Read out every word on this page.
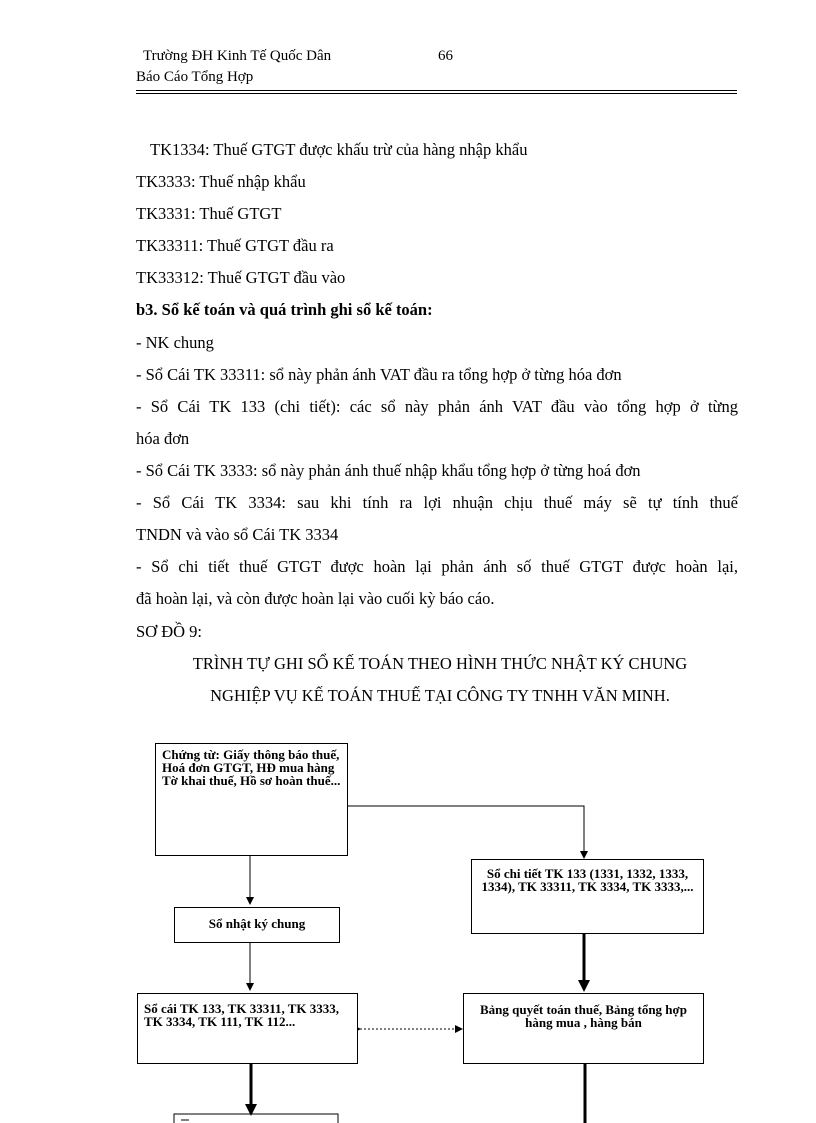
Trường ĐH Kinh Tế Quốc Dân	66
Báo Cáo Tổng Hợp
TK1334: Thuế GTGT được khấu trừ của hàng nhập khẩu
TK3333: Thuế nhập khẩu
TK3331: Thuế GTGT
TK33311: Thuế GTGT đầu ra
TK33312: Thuế GTGT đầu vào
b3. Sổ kế toán và quá trình ghi sổ kế toán:
- NK chung
- Sổ Cái TK 33311: sổ này phản ánh VAT đầu ra tổng hợp ở từng hóa đơn
- Sổ Cái TK 133 (chi tiết): các sổ này phản ánh VAT đầu vào tổng hợp ở từng
hóa đơn
- Sổ Cái TK 3333: sổ này phản ánh thuế nhập khẩu tổng hợp ở từng hoá đơn
- Sổ Cái TK 3334: sau khi tính ra lợi nhuận chịu thuế máy sẽ tự tính thuế
TNDN và vào sổ Cái TK 3334
- Sổ chi tiết thuế GTGT được hoàn lại phản ánh số thuế GTGT được hoàn lại,
đã hoàn lại, và còn được hoàn lại vào cuối kỳ báo cáo.
SƠ ĐỒ 9:
TRÌNH TỰ GHI SỔ KẾ TOÁN THEO HÌNH THỨC NHẬT KÝ CHUNG
NGHIỆP VỤ KẾ TOÁN THUẾ TẠI CÔNG TY TNHH VĂN MINH.
Chứng từ: Giấy thông báo thuế, Hoá đơn GTGT, HĐ mua hàng Tờ khai thuế, Hồ sơ hoàn thuế...
Sổ chi tiết TK 133 (1331, 1332, 1333, 1334), TK 33311, TK 3334, TK 3333,...
Sổ nhật ký chung
Sổ cái TK 133, TK 33311, TK 3333, TK 3334, TK 111, TK 112...
Bảng quyết toán thuế, Bảng tổng hợp hàng mua , hàng bán
